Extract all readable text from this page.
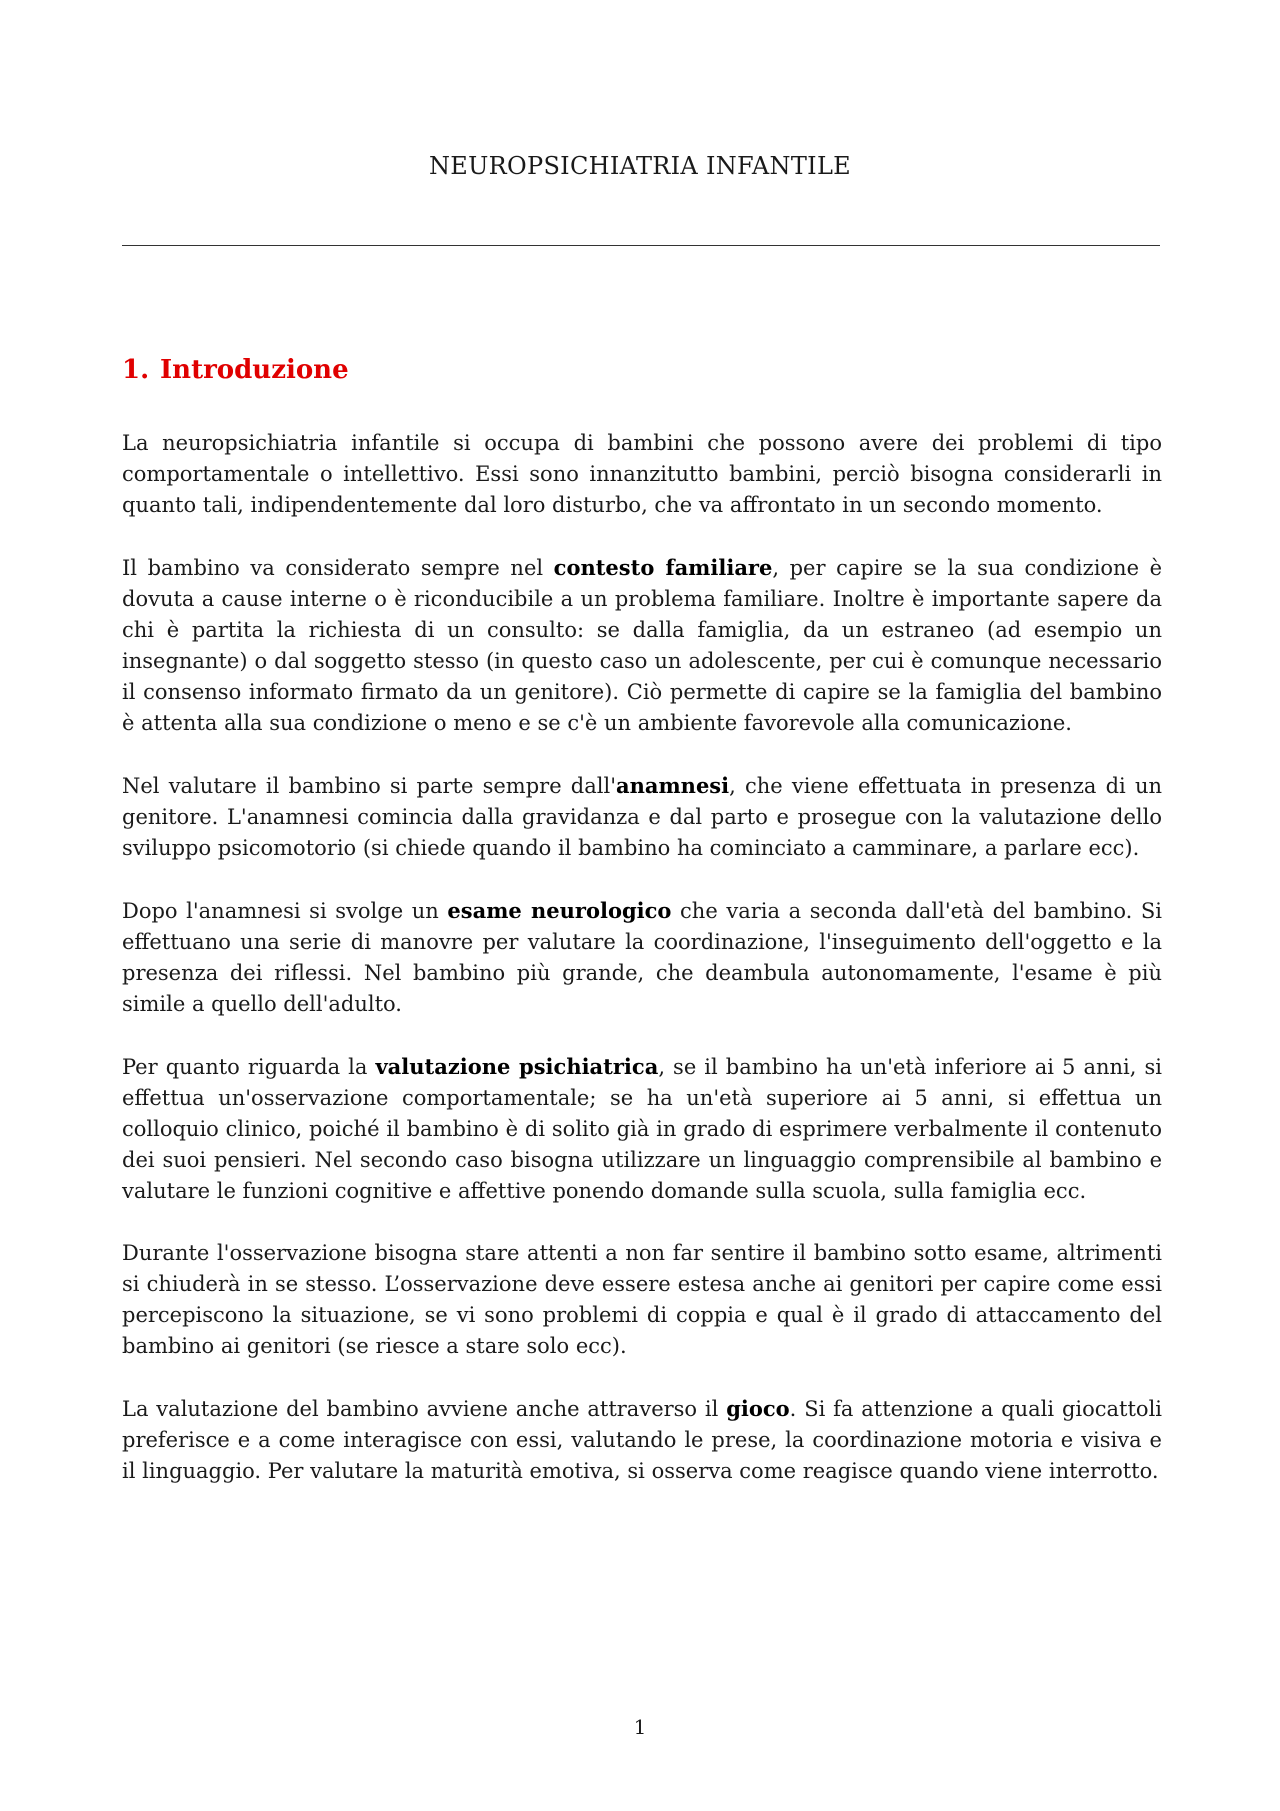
NEUROPSICHIATRIA INFANTILE
1. Introduzione

La neuropsichiatria infantile si occupa di bambini che possono avere dei problemi di tipo comportamentale o intellettivo. Essi sono innanzitutto bambini, perciò bisogna considerarli in quanto tali, indipendentemente dal loro disturbo, che va affrontato in un secondo momento.

Il bambino va considerato sempre nel contesto familiare, per capire se la sua condizione è dovuta a cause interne o è riconducibile a un problema familiare. Inoltre è importante sapere da chi è partita la richiesta di un consulto: se dalla famiglia, da un estraneo (ad esempio un insegnante) o dal soggetto stesso (in questo caso un adolescente, per cui è comunque necessario il consenso informato firmato da un genitore). Ciò permette di capire se la famiglia del bambino è attenta alla sua condizione o meno e se c'è un ambiente favorevole alla comunicazione.

Nel valutare il bambino si parte sempre dall'anamnesi, che viene effettuata in presenza di un genitore. L'anamnesi comincia dalla gravidanza e dal parto e prosegue con la valutazione dello sviluppo psicomotorio (si chiede quando il bambino ha cominciato a camminare, a parlare ecc).

Dopo l'anamnesi si svolge un esame neurologico che varia a seconda dall'età del bambino. Si effettuano una serie di manovre per valutare la coordinazione, l'inseguimento dell'oggetto e la presenza dei riflessi. Nel bambino più grande, che deambula autonomamente, l'esame è più simile a quello dell'adulto.

Per quanto riguarda la valutazione psichiatrica, se il bambino ha un'età inferiore ai 5 anni, si effettua un'osservazione comportamentale; se ha un'età superiore ai 5 anni, si effettua un colloquio clinico, poiché il bambino è di solito già in grado di esprimere verbalmente il contenuto dei suoi pensieri. Nel secondo caso bisogna utilizzare un linguaggio comprensibile al bambino e valutare le funzioni cognitive e affettive ponendo domande sulla scuola, sulla famiglia ecc.

Durante l'osservazione bisogna stare attenti a non far sentire il bambino sotto esame, altrimenti si chiuderà in se stesso. L’osservazione deve essere estesa anche ai genitori per capire come essi percepiscono la situazione, se vi sono problemi di coppia e qual è il grado di attaccamento del bambino ai genitori (se riesce a stare solo ecc).

La valutazione del bambino avviene anche attraverso il gioco. Si fa attenzione a quali giocattoli preferisce e a come interagisce con essi, valutando le prese, la coordinazione motoria e visiva e il linguaggio. Per valutare la maturità emotiva, si osserva come reagisce quando viene interrotto.

1
